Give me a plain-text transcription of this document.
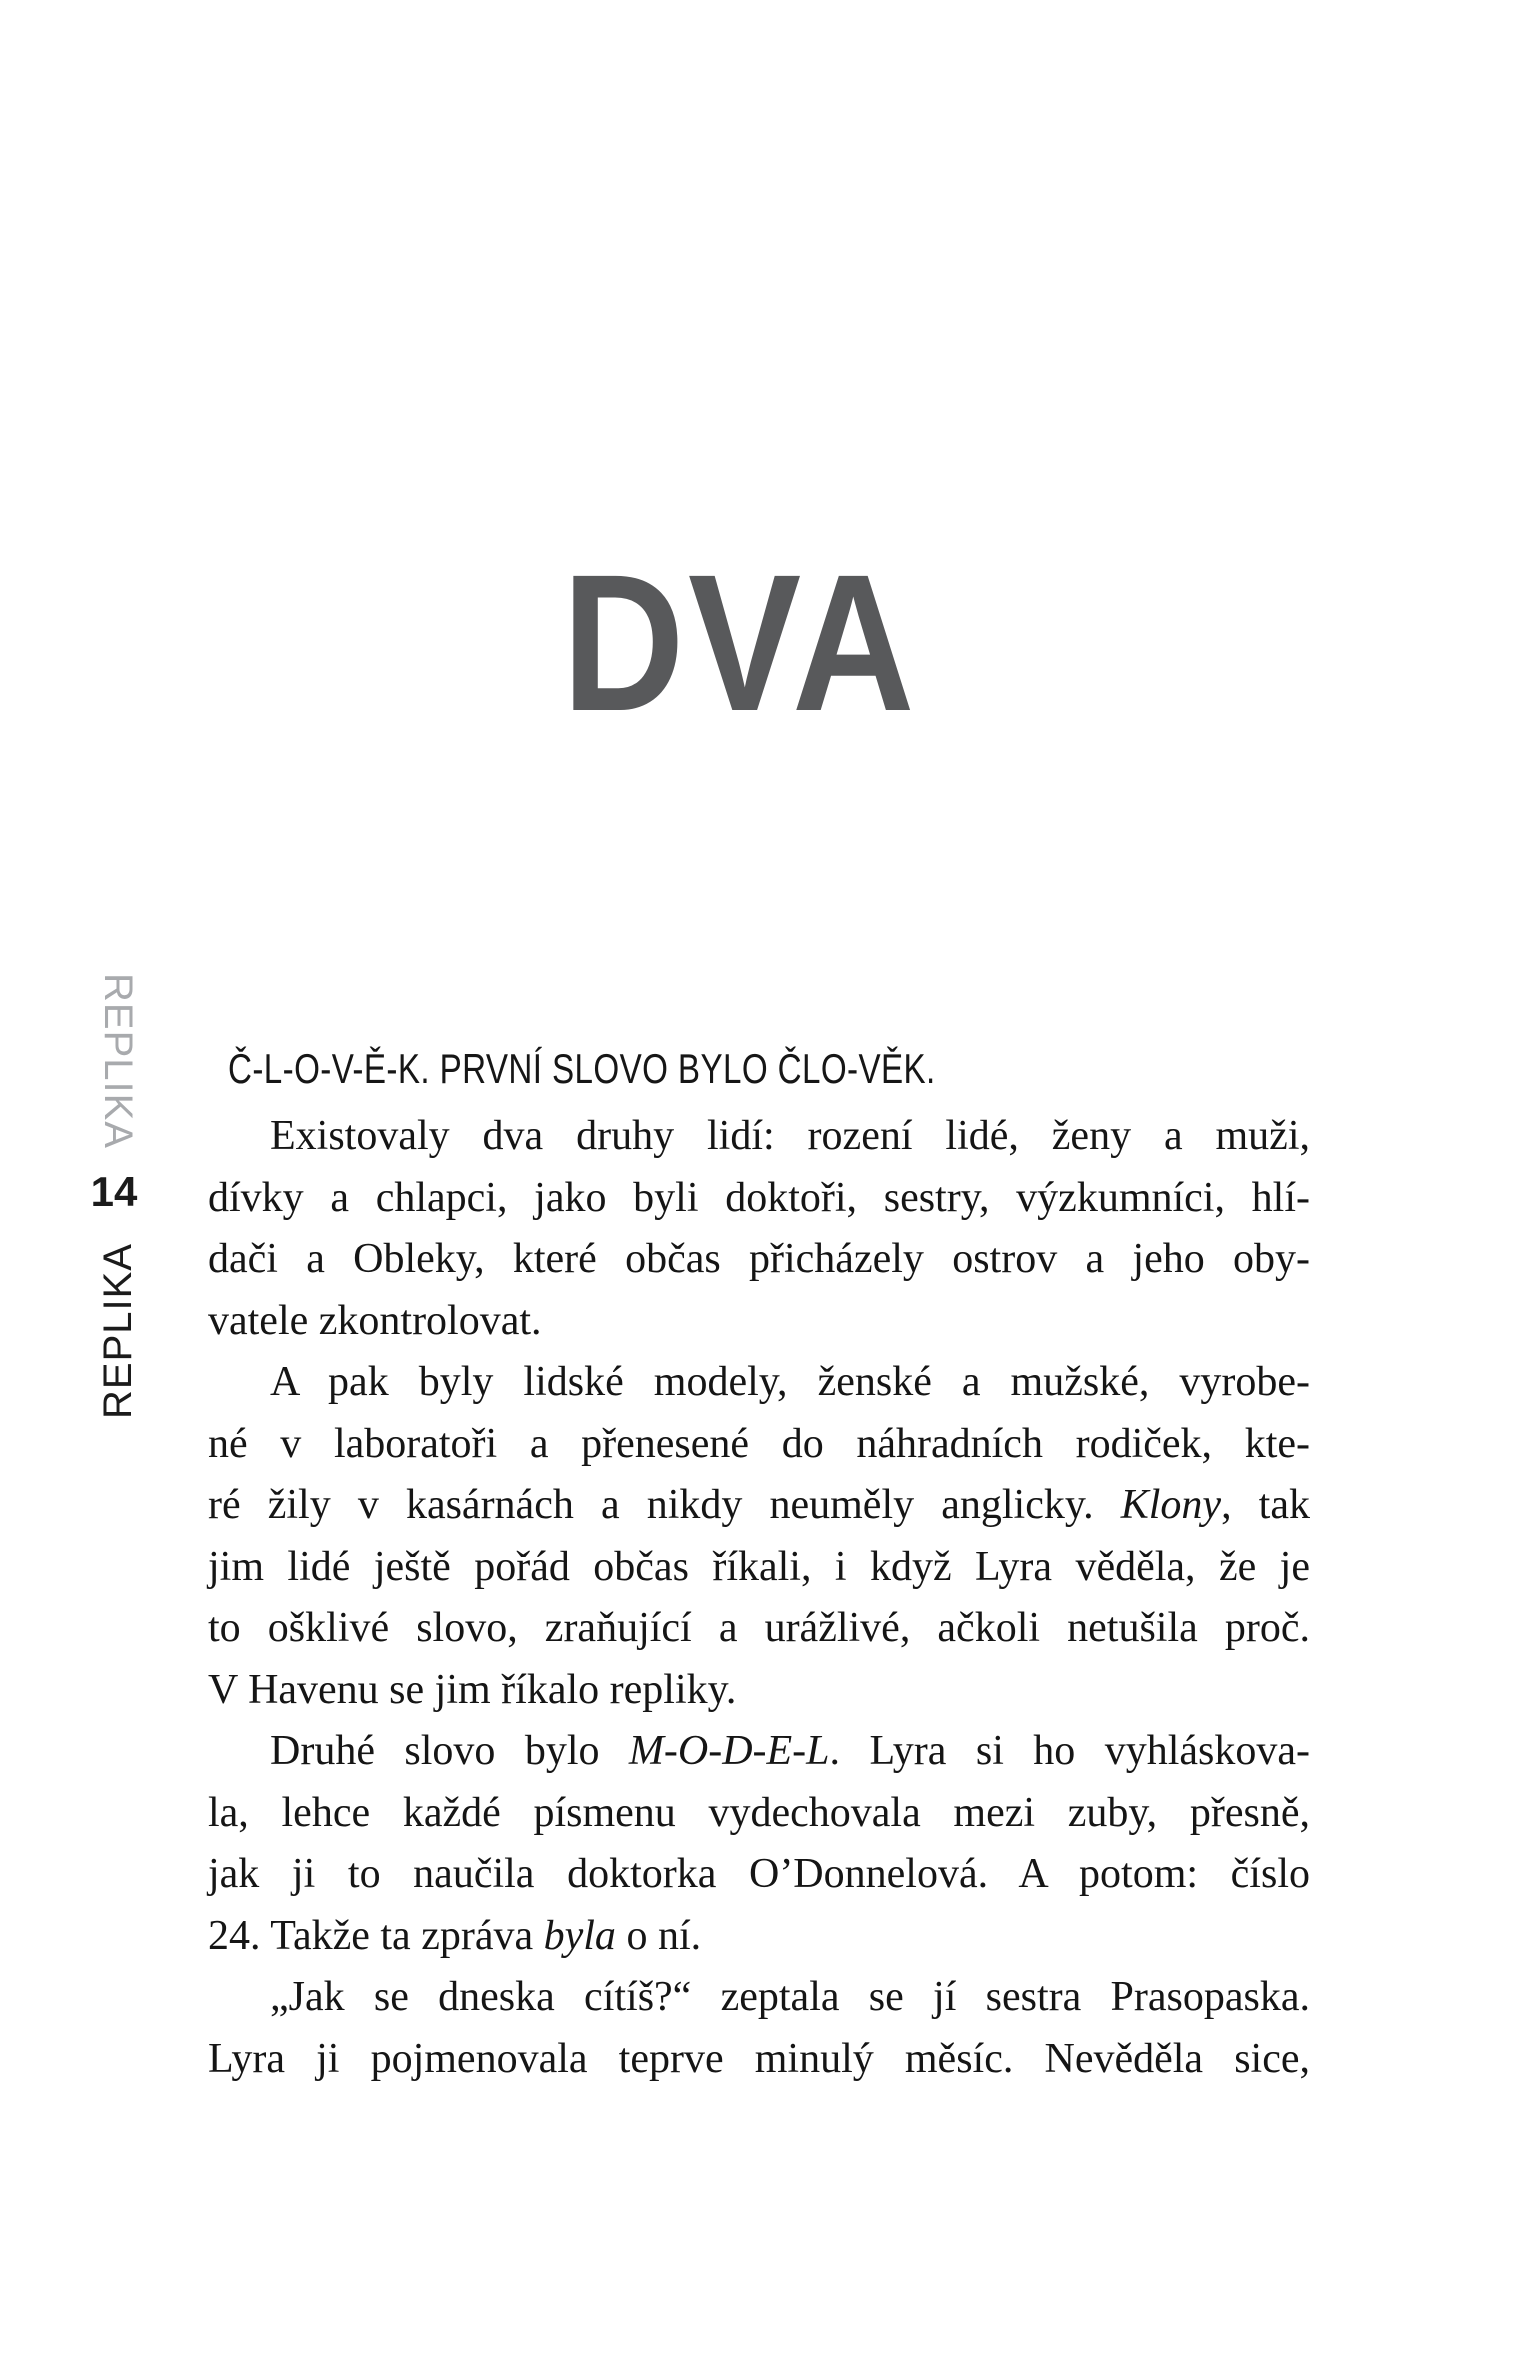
DVA
REPLIKA
14
REPLIKA
Č-L-O-V-Ě-K. PRVNÍ SLOVO BYLO ČLO-VĚK.
Existovaly dva druhy lidí: rození lidé, ženy a muži,
dívky a chlapci, jako byli doktoři, sestry, výzkumníci, hlí-
dači a Obleky, které občas přicházely ostrov a jeho oby-
vatele zkontrolovat.
A pak byly lidské modely, ženské a mužské, vyrobe-
né v laboratoři a přenesené do náhradních rodiček, kte-
ré žily v kasárnách a nikdy neuměly anglicky. Klony, tak
jim lidé ještě pořád občas říkali, i když Lyra věděla, že je
to ošklivé slovo, zraňující a urážlivé, ačkoli netušila proč.
V Havenu se jim říkalo repliky.
Druhé slovo bylo M-O-D-E-L. Lyra si ho vyhláskova-
la, lehce každé písmenu vydechovala mezi zuby, přesně,
jak ji to naučila doktorka O’Donnelová. A potom: číslo
24. Takže ta zpráva byla o ní.
„Jak se dneska cítíš?“ zeptala se jí sestra Prasopaska.
Lyra ji pojmenovala teprve minulý měsíc. Nevěděla sice,
